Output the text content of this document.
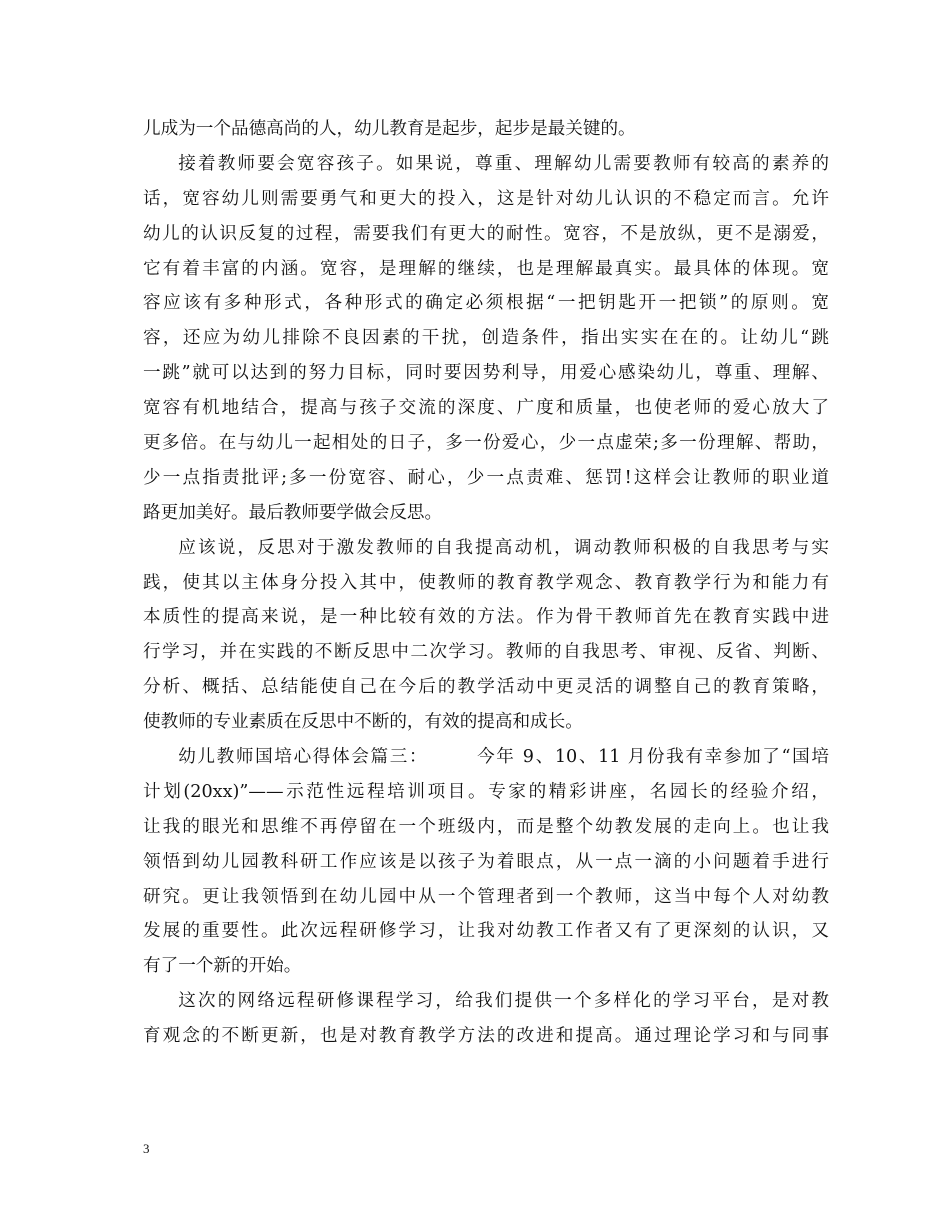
儿成为一个品德高尚的人，幼儿教育是起步，起步是最关键的。
接着教师要会宽容孩子。如果说，尊重、理解幼儿需要教师有较高的素养的
话，宽容幼儿则需要勇气和更大的投入，这是针对幼儿认识的不稳定而言。允许
幼儿的认识反复的过程，需要我们有更大的耐性。宽容，不是放纵，更不是溺爱，
它有着丰富的内涵。宽容，是理解的继续，也是理解最真实。最具体的体现。宽
容应该有多种形式，各种形式的确定必须根据“一把钥匙开一把锁”的原则。宽
容，还应为幼儿排除不良因素的干扰，创造条件，指出实实在在的。让幼儿“跳
一跳”就可以达到的努力目标，同时要因势利导，用爱心感染幼儿，尊重、理解、
宽容有机地结合，提高与孩子交流的深度、广度和质量，也使老师的爱心放大了
更多倍。在与幼儿一起相处的日子，多一份爱心，少一点虚荣;多一份理解、帮助，
少一点指责批评;多一份宽容、耐心，少一点责难、惩罚!这样会让教师的职业道
路更加美好。最后教师要学做会反思。
应该说，反思对于激发教师的自我提高动机，调动教师积极的自我思考与实
践，使其以主体身分投入其中，使教师的教育教学观念、教育教学行为和能力有
本质性的提高来说，是一种比较有效的方法。作为骨干教师首先在教育实践中进
行学习，并在实践的不断反思中二次学习。教师的自我思考、审视、反省、判断、
分析、概括、总结能使自己在今后的教学活动中更灵活的调整自己的教育策略，
使教师的专业素质在反思中不断的，有效的提高和成长。
幼儿教师国培心得体会篇三：　　　今年 9、10、11 月份我有幸参加了“国培
计划(20xx)”——示范性远程培训项目。专家的精彩讲座，名园长的经验介绍，
让我的眼光和思维不再停留在一个班级内，而是整个幼教发展的走向上。也让我
领悟到幼儿园教科研工作应该是以孩子为着眼点，从一点一滴的小问题着手进行
研究。更让我领悟到在幼儿园中从一个管理者到一个教师，这当中每个人对幼教
发展的重要性。此次远程研修学习，让我对幼教工作者又有了更深刻的认识，又
有了一个新的开始。
这次的网络远程研修课程学习，给我们提供一个多样化的学习平台，是对教
育观念的不断更新，也是对教育教学方法的改进和提高。通过理论学习和与同事
3
